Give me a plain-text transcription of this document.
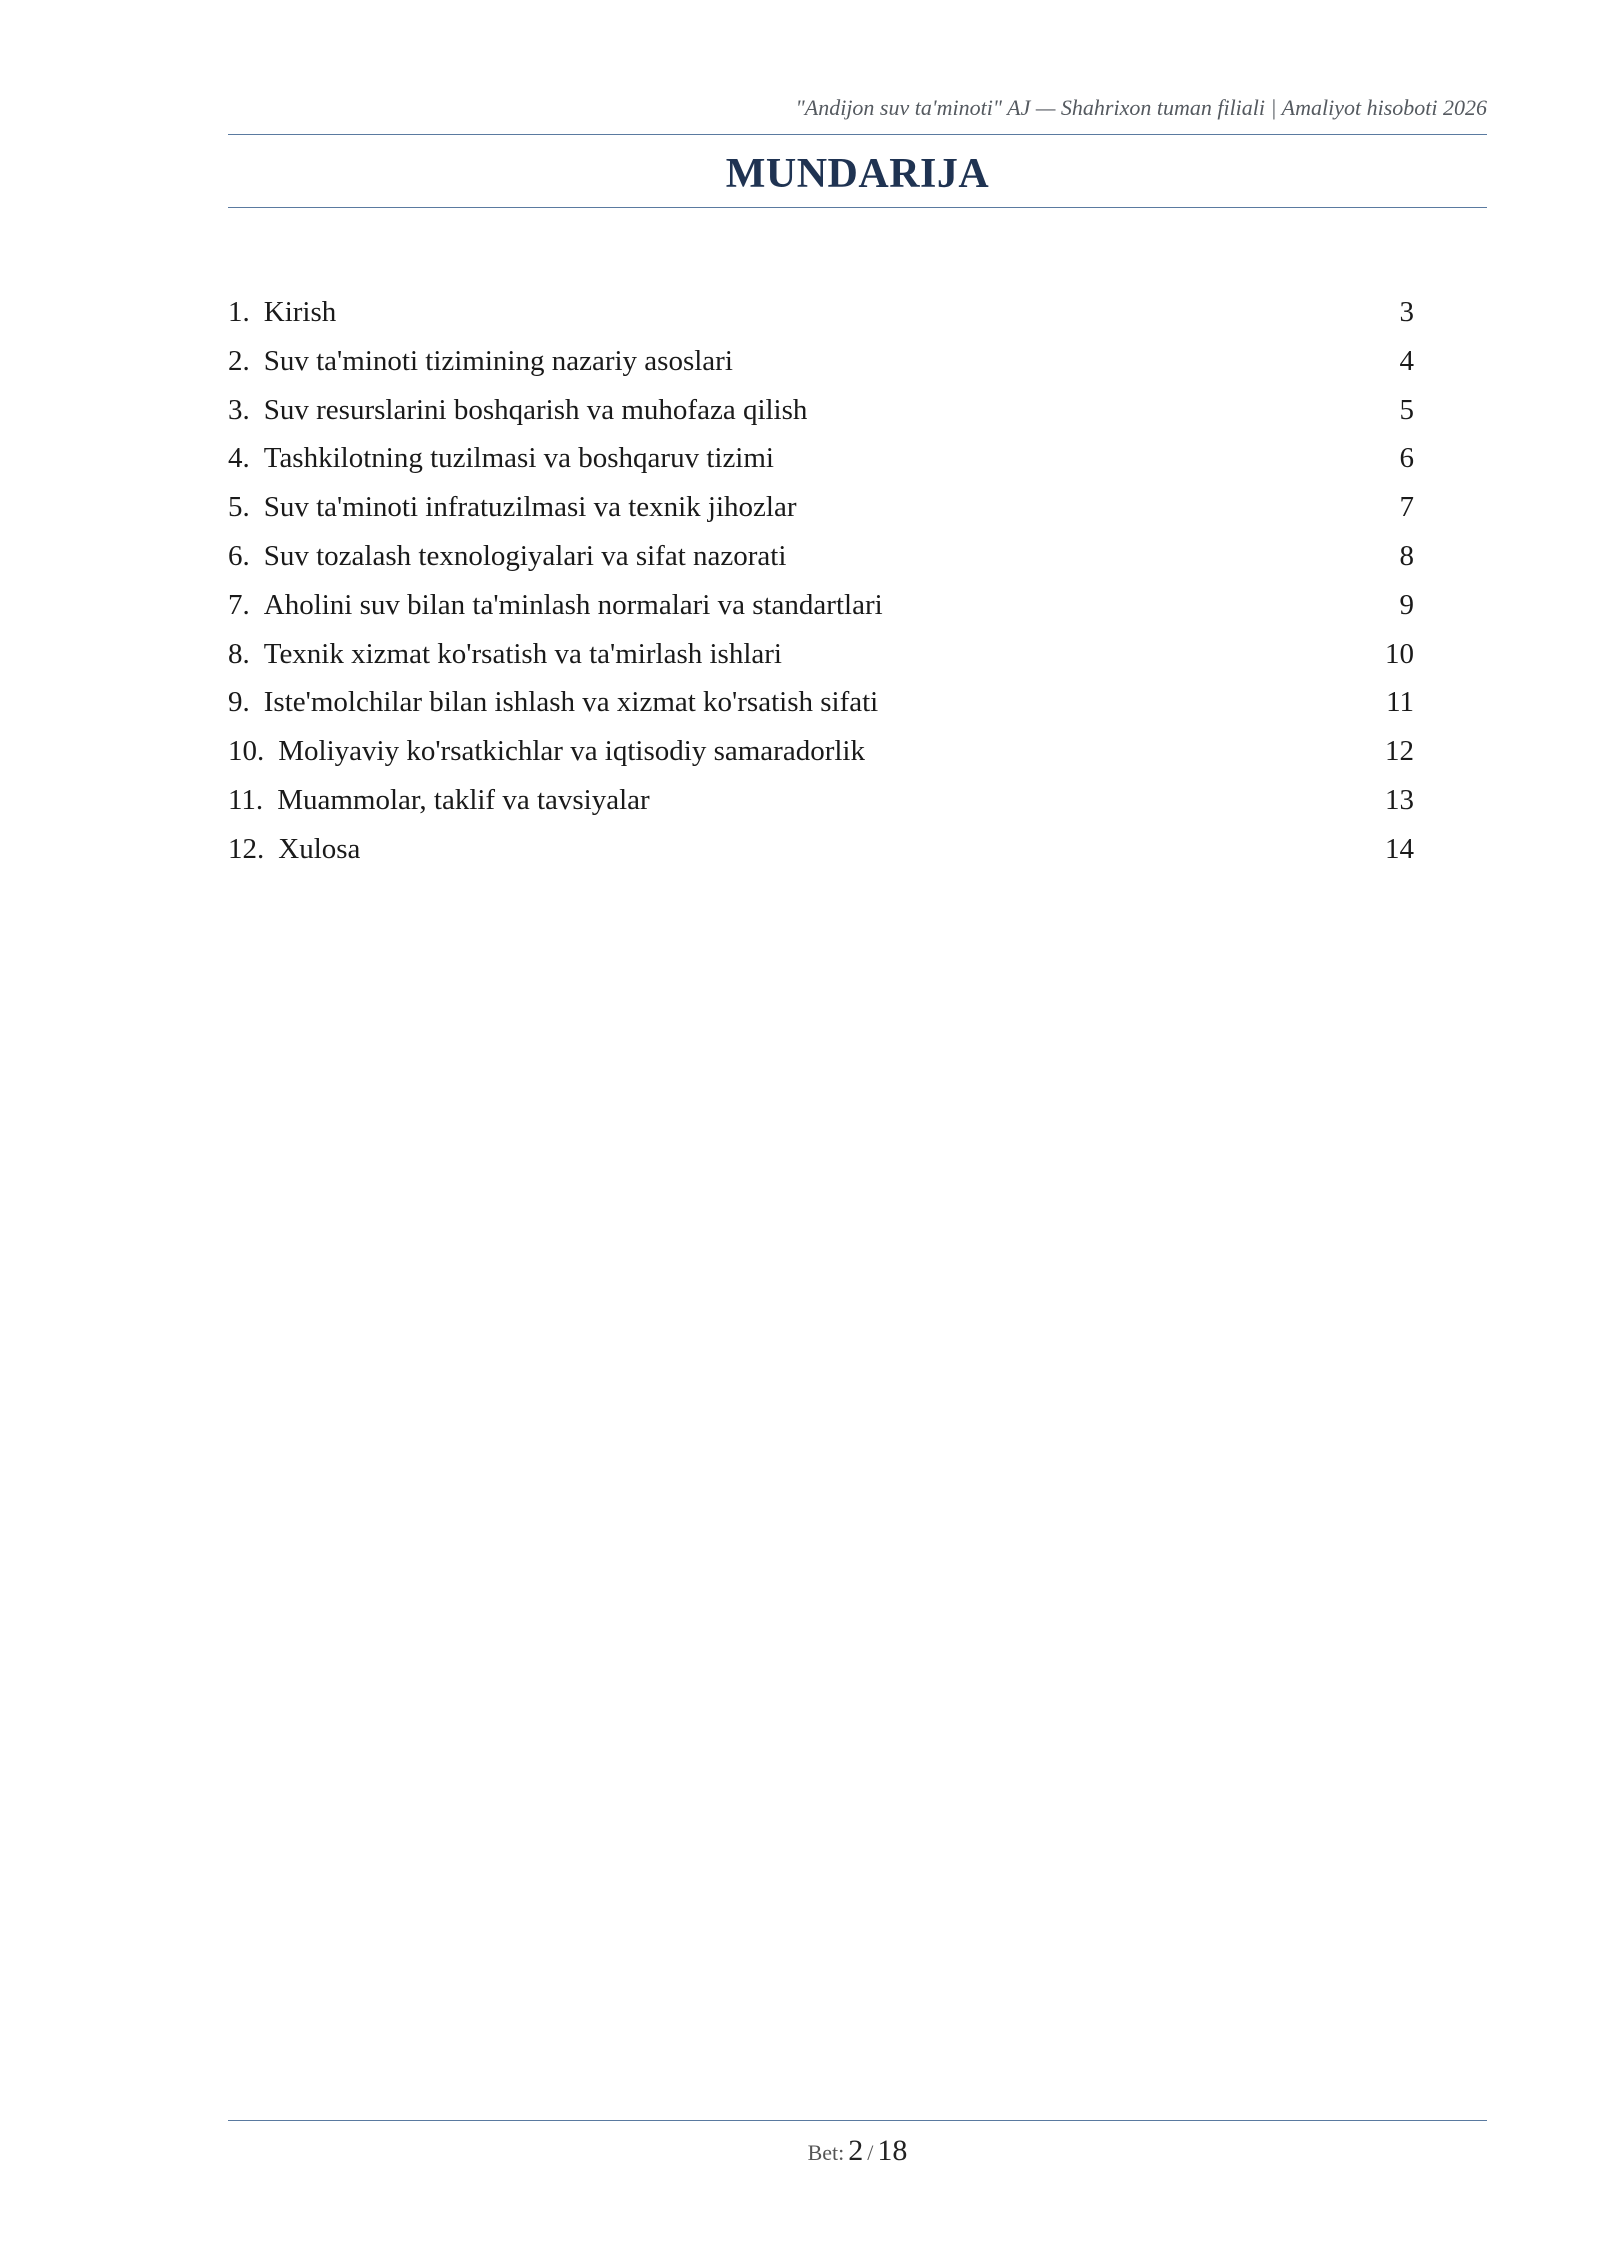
"Andijon suv ta'minoti" AJ — Shahrixon tuman filiali | Amaliyot hisoboti 2026
MUNDARIJA
1. Kirish	3
2. Suv ta'minoti tizimining nazariy asoslari	4
3. Suv resurslarini boshqarish va muhofaza qilish	5
4. Tashkilotning tuzilmasi va boshqaruv tizimi	6
5. Suv ta'minoti infratuzilmasi va texnik jihozlar	7
6. Suv tozalash texnologiyalari va sifat nazorati	8
7. Aholini suv bilan ta'minlash normalari va standartlari	9
8. Texnik xizmat ko'rsatish va ta'mirlash ishlari	10
9. Iste'molchilar bilan ishlash va xizmat ko'rsatish sifati	11
10. Moliyaviy ko'rsatkichlar va iqtisodiy samaradorlik	12
11. Muammolar, taklif va tavsiyalar	13
12. Xulosa	14
Bet: 2 / 18
